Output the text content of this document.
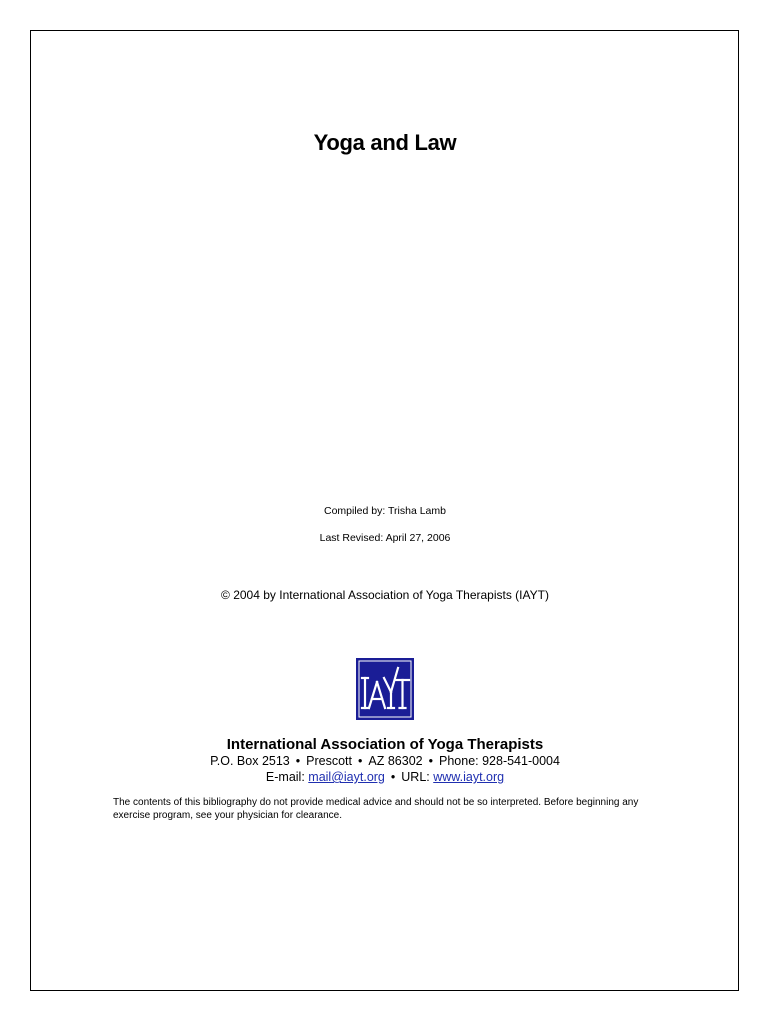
Yoga and Law
Compiled by: Trisha Lamb
Last Revised: April 27, 2006
© 2004 by International Association of Yoga Therapists (IAYT)
International Association of Yoga Therapists
P.O. Box 2513 • Prescott • AZ 86302 • Phone: 928-541-0004
E-mail: mail@iayt.org • URL: www.iayt.org
The contents of this bibliography do not provide medical advice and should not be so interpreted. Before beginning any exercise program, see your physician for clearance.
